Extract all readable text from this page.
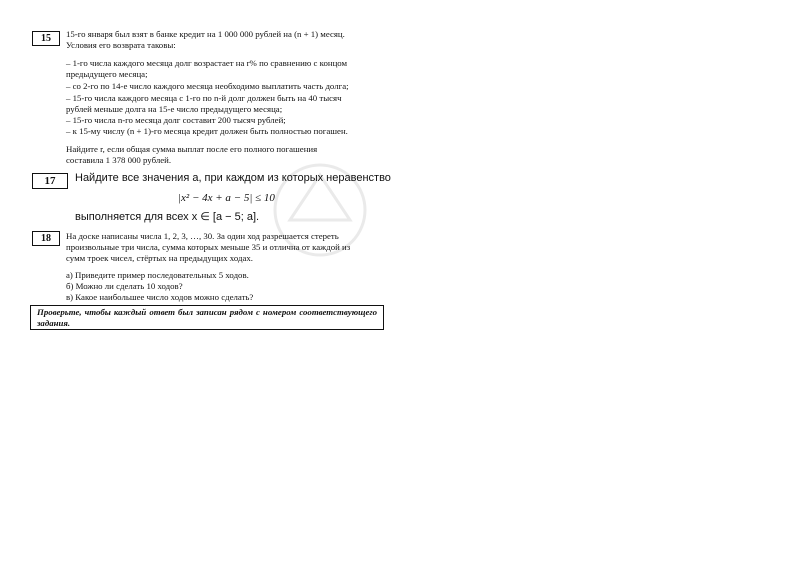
15	15-го января был взят в банке кредит на 1 000 000 рублей на (n + 1) месяц.
Условия его возврата таковы:
– 1-го числа каждого месяца долг возрастает на r% по сравнению с концом
предыдущего месяца;
– со 2-го по 14-е число каждого месяца необходимо выплатить часть долга;
– 15-го числа каждого месяца с 1-го по n-й долг должен быть на 40 тысяч
рублей меньше долга на 15-е число предыдущего месяца;
– 15-го числа n-го месяца долг составит 200 тысяч рублей;
– к 15-му числу (n + 1)-го месяца кредит должен быть полностью погашен.
Найдите r, если общая сумма выплат после его полного погашения
составила 1 378 000 рублей.
17	Найдите все значения a, при каждом из которых неравенство
|x² − 4x + a − 5| ≤ 10
выполняется для всех x ∈ [a − 5; a].
18	На доске написаны числа 1, 2, 3, …, 30. За один ход разрешается стереть
произвольные три числа, сумма которых меньше 35 и отлична от каждой из
сумм троек чисел, стёртых на предыдущих ходах.
а) Приведите пример последовательных 5 ходов.
б) Можно ли сделать 10 ходов?
в) Какое наибольшее число ходов можно сделать?
Проверьте, чтобы каждый ответ был записан рядом с номером соответствующего задания.
